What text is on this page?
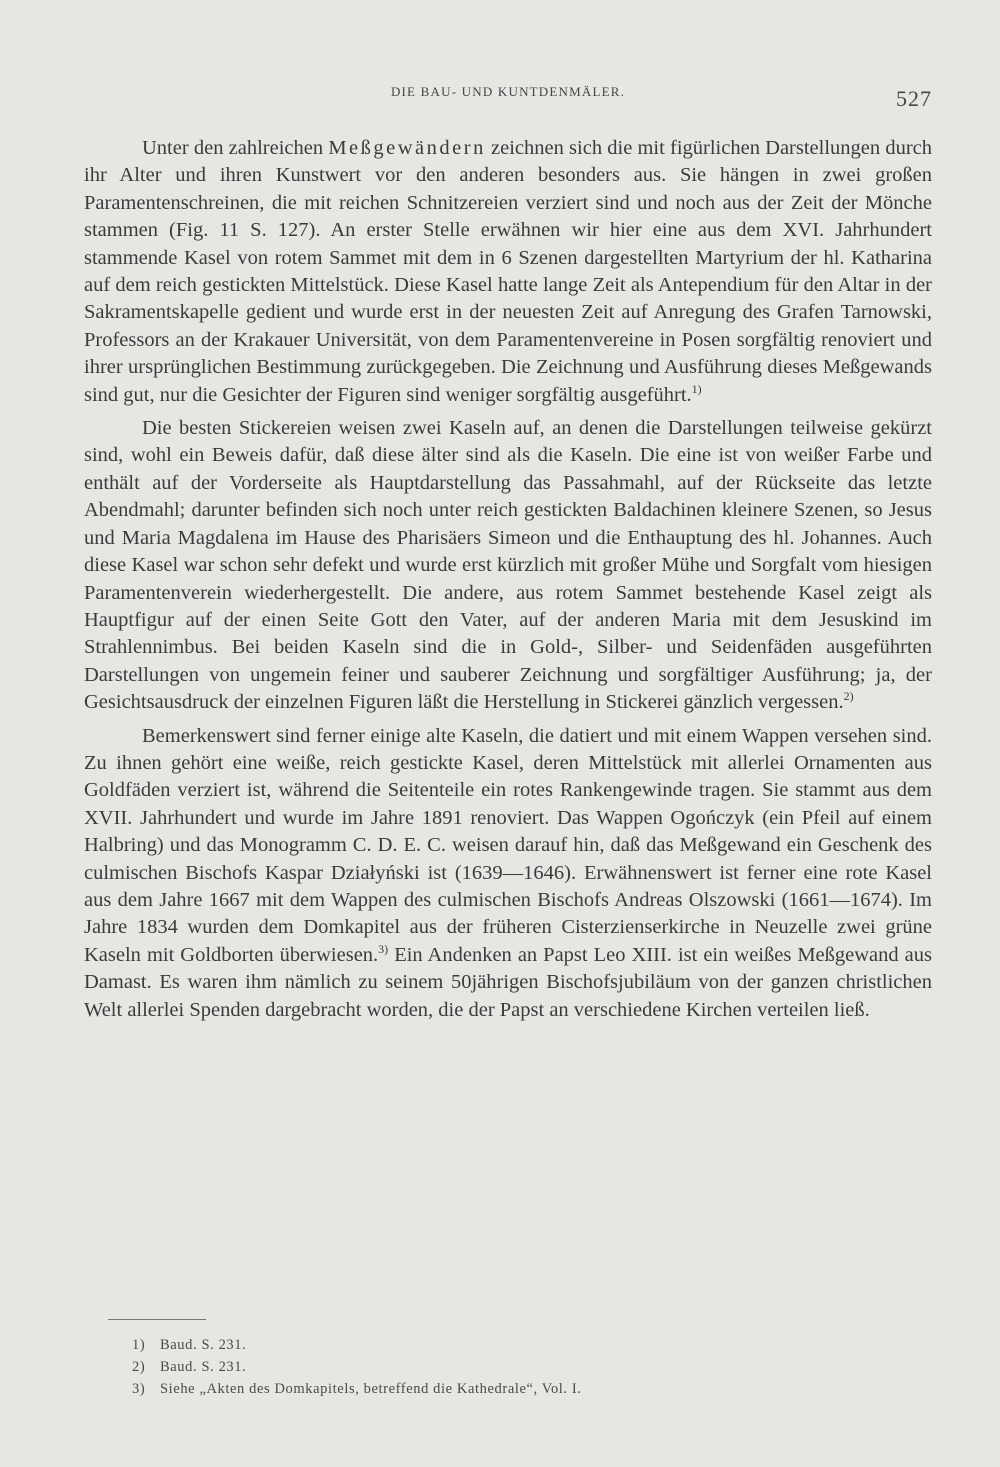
DIE BAU- UND KUNTDENMÄLER.	527

Unter den zahlreichen Meßgewändern zeichnen sich die mit figürlichen Darstellungen durch ihr Alter und ihren Kunstwert vor den anderen besonders aus. Sie hängen in zwei großen Paramentenschreinen, die mit reichen Schnitzereien verziert sind und noch aus der Zeit der Mönche stammen (Fig. 11 S. 127). An erster Stelle erwähnen wir hier eine aus dem XVI. Jahrhundert stammende Kasel von rotem Sammet mit dem in 6 Szenen dargestellten Martyrium der hl. Katharina auf dem reich gestickten Mittelstück. Diese Kasel hatte lange Zeit als Antependium für den Altar in der Sakramentskapelle gedient und wurde erst in der neuesten Zeit auf Anregung des Grafen Tarnowski, Professors an der Krakauer Universität, von dem Paramentenvereine in Posen sorgfältig renoviert und ihrer ursprünglichen Bestimmung zurückgegeben. Die Zeichnung und Ausführung dieses Meßgewands sind gut, nur die Gesichter der Figuren sind weniger sorgfältig ausgeführt.$^{1)}$

Die besten Stickereien weisen zwei Kaseln auf, an denen die Darstellungen teilweise gekürzt sind, wohl ein Beweis dafür, daß diese älter sind als die Kaseln. Die eine ist von weißer Farbe und enthält auf der Vorderseite als Hauptdarstellung das Passahmahl, auf der Rückseite das letzte Abendmahl; darunter befinden sich noch unter reich gestickten Baldachinen kleinere Szenen, so Jesus und Maria Magdalena im Hause des Pharisäers Simeon und die Enthauptung des hl. Johannes. Auch diese Kasel war schon sehr defekt und wurde erst kürzlich mit großer Mühe und Sorgfalt vom hiesigen Paramentenverein wiederhergestellt. Die andere, aus rotem Sammet bestehende Kasel zeigt als Hauptfigur auf der einen Seite Gott den Vater, auf der anderen Maria mit dem Jesuskind im Strahlennimbus. Bei beiden Kaseln sind die in Gold-, Silber- und Seidenfäden ausgeführten Darstellungen von ungemein feiner und sauberer Zeichnung und sorgfältiger Ausführung; ja, der Gesichtsausdruck der einzelnen Figuren läßt die Herstellung in Stickerei gänzlich vergessen.$^{2)}$

Bemerkenswert sind ferner einige alte Kaseln, die datiert und mit einem Wappen versehen sind. Zu ihnen gehört eine weiße, reich gestickte Kasel, deren Mittelstück mit allerlei Ornamenten aus Goldfäden verziert ist, während die Seitenteile ein rotes Rankengewinde tragen. Sie stammt aus dem XVII. Jahrhundert und wurde im Jahre 1891 renoviert. Das Wappen Ogończyk (ein Pfeil auf einem Halbring) und das Monogramm C. D. E. C. weisen darauf hin, daß das Meßgewand ein Geschenk des culmischen Bischofs Kaspar Działyński ist (1639—1646). Erwähnenswert ist ferner eine rote Kasel aus dem Jahre 1667 mit dem Wappen des culmischen Bischofs Andreas Olszowski (1661—1674). Im Jahre 1834 wurden dem Domkapitel aus der früheren Cisterzienserkirche in Neuzelle zwei grüne Kaseln mit Goldborten überwiesen.$^{3)}$ Ein Andenken an Papst Leo XIII. ist ein weißes Meßgewand aus Damast. Es waren ihm nämlich zu seinem 50jährigen Bischofsjubiläum von der ganzen christlichen Welt allerlei Spenden dargebracht worden, die der Papst an verschiedene Kirchen verteilen ließ.

1)	Baud. S. 231.
2)	Baud. S. 231.
3)	Siehe „Akten des Domkapitels, betreffend die Kathedrale“, Vol. I.
